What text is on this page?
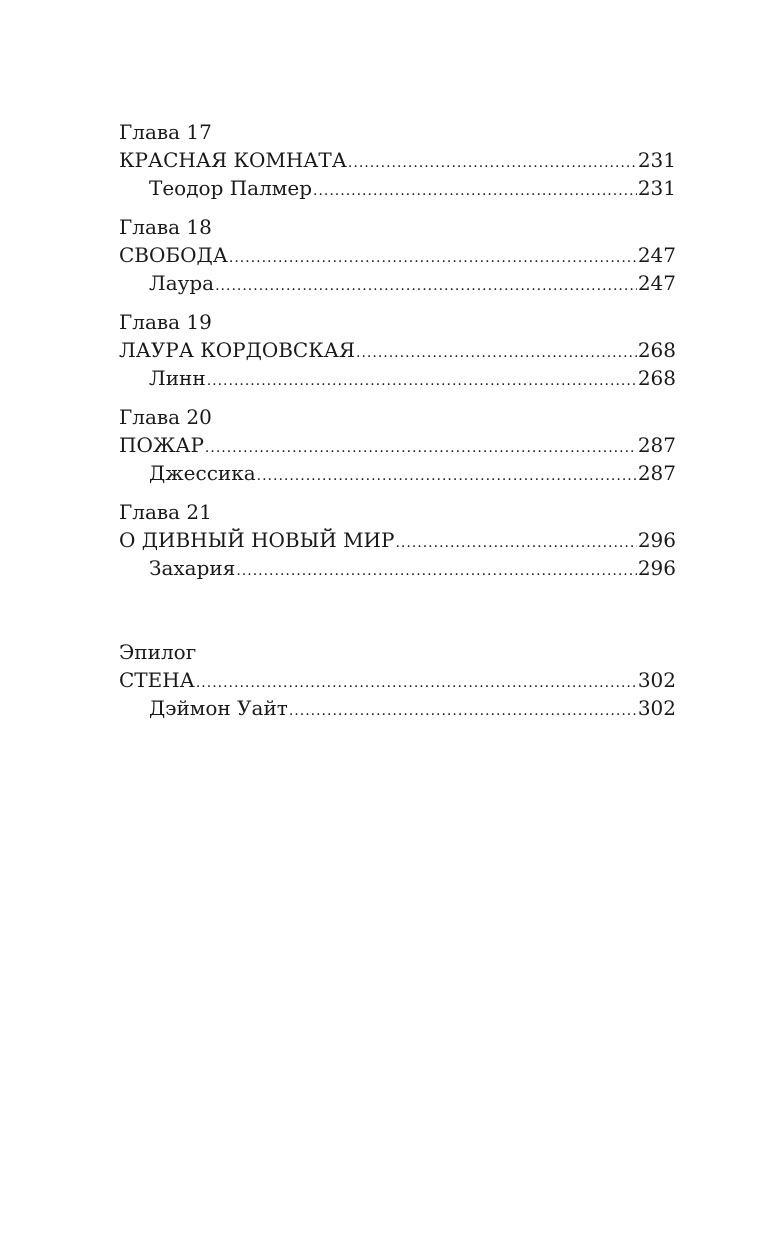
Глава 17
КРАСНАЯ КОМНАТА .....	231
Теодор Палмер .....	231
Глава 18
СВОБОДА .....	247
Лаура .....	247
Глава 19
ЛАУРА КОРДОВСКАЯ .....	268
Линн .....	268
Глава 20
ПОЖАР .....	287
Джессика .....	287
Глава 21
О ДИВНЫЙ НОВЫЙ МИР .....	296
Захария .....	296
Эпилог
СТЕНА .....	302
Дэймон Уайт .....	302
